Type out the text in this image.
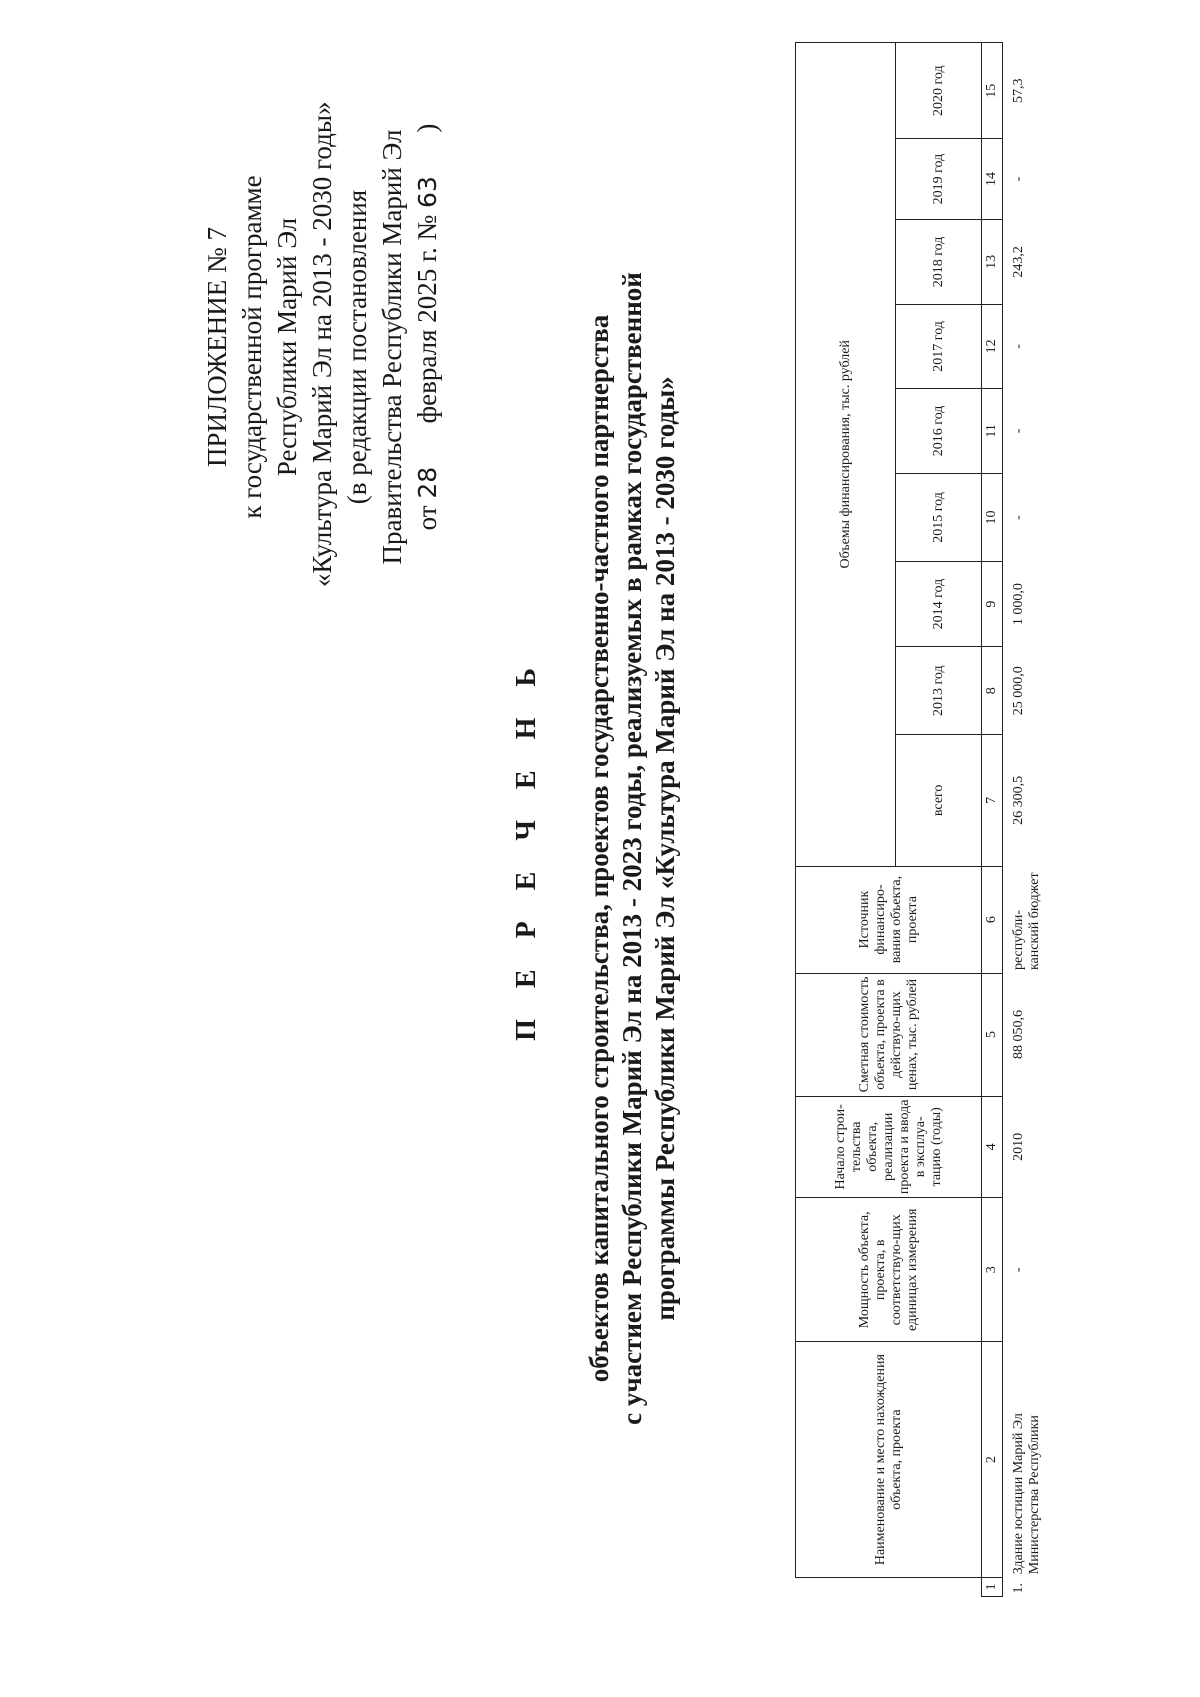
ПРИЛОЖЕНИЕ № 7 к государственной программе Республики Марий Эл «Культура Марий Эл на 2013 - 2030 годы» (в редакции постановления Правительства Республики Марий Эл от 28  февраля 2025 г. № 63  )
П Е Р Е Ч Е Н Ь объектов капитального строительства, проектов государственно-частного партнерства с участием Республики Марий Эл на 2013 - 2023 годы, реализуемых в рамках государственной программы Республики Марий Эл «Культура Марий Эл на 2013 - 2030 годы»
	Наименование и место нахождения объекта, проекта	Мощность объекта, проекта, в соответствую-щих единицах измерения	Начало строи-тельства объекта, реализации проекта и ввода в эксплуа-тацию (годы)	Сметная стоимость объекта, проекта в действую-щих ценах, тыс. рублей	Источник финансиро-вания объекта, проекта	Объемы финансирования, тыс. рублей								
						всего	2013 год	2014 год	2015 год	2016 год	2017 год	2018 год	2019 год	2020 год
1	2	3	4	5	6	7	8	9	10	11	12	13	14	15
1.	Здание юстиции Марий Эл Министерства Республики	-	2010	88 050,6	республи-канский бюджет	26 300,5	25 000,0	1 000,0	-	-	-	243,2	-	57,3
